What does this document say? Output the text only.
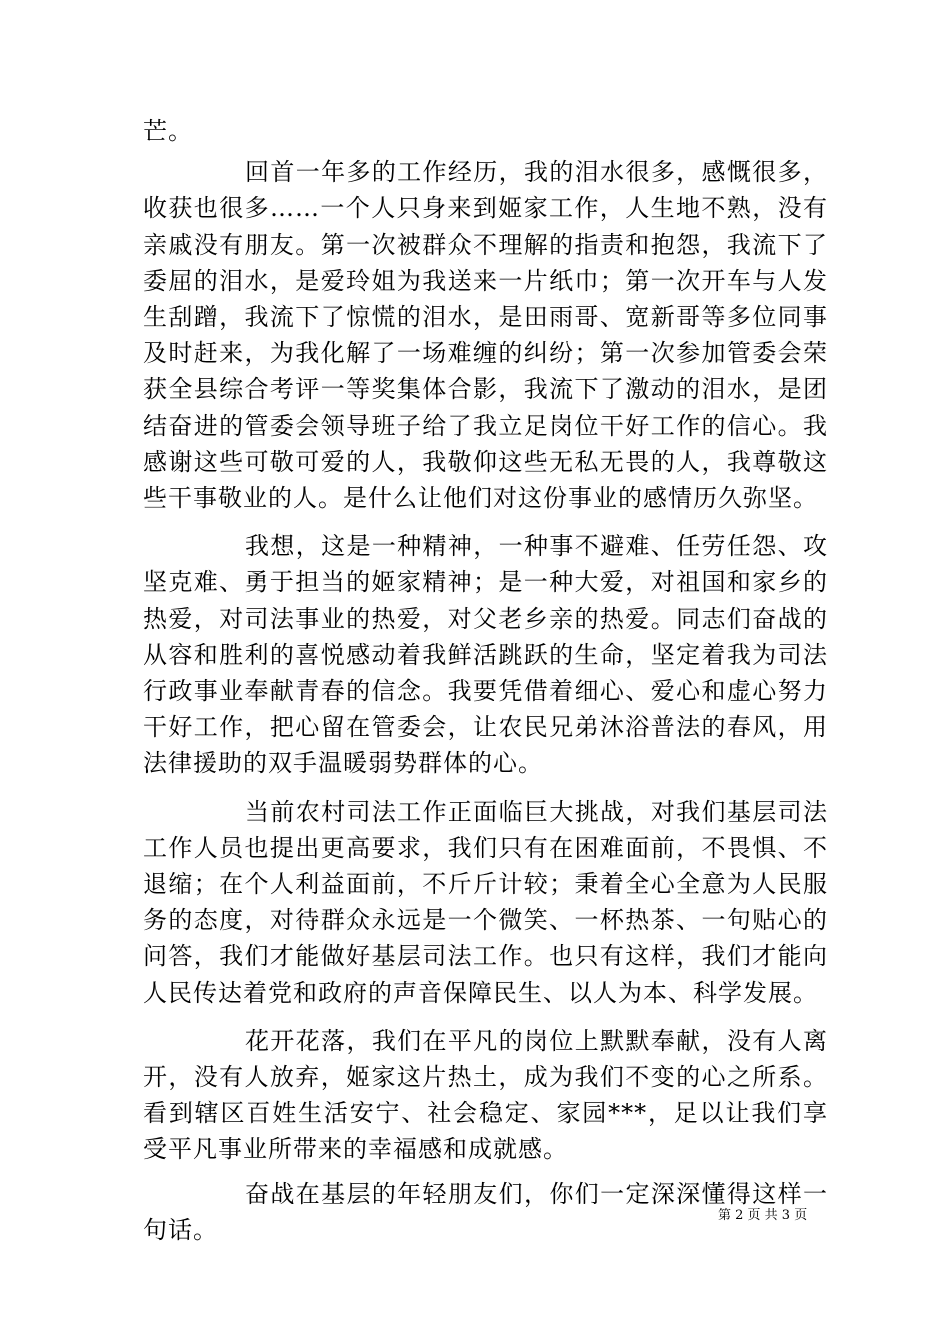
芒。

回首一年多的工作经历，我的泪水很多，感慨很多，收获也很多……一个人只身来到姬家工作，人生地不熟，没有亲戚没有朋友。第一次被群众不理解的指责和抱怨，我流下了委屈的泪水，是爱玲姐为我送来一片纸巾；第一次开车与人发生刮蹭，我流下了惊慌的泪水，是田雨哥、宽新哥等多位同事及时赶来，为我化解了一场难缠的纠纷；第一次参加管委会荣获全县综合考评一等奖集体合影，我流下了激动的泪水，是团结奋进的管委会领导班子给了我立足岗位干好工作的信心。我感谢这些可敬可爱的人，我敬仰这些无私无畏的人，我尊敬这些干事敬业的人。是什么让他们对这份事业的感情历久弥坚。

我想，这是一种精神，一种事不避难、任劳任怨、攻坚克难、勇于担当的姬家精神；是一种大爱，对祖国和家乡的热爱，对司法事业的热爱，对父老乡亲的热爱。同志们奋战的从容和胜利的喜悦感动着我鲜活跳跃的生命，坚定着我为司法行政事业奉献青春的信念。我要凭借着细心、爱心和虚心努力干好工作，把心留在管委会，让农民兄弟沐浴普法的春风，用法律援助的双手温暖弱势群体的心。

当前农村司法工作正面临巨大挑战，对我们基层司法工作人员也提出更高要求，我们只有在困难面前，不畏惧、不退缩；在个人利益面前，不斤斤计较；秉着全心全意为人民服务的态度，对待群众永远是一个微笑、一杯热茶、一句贴心的问答，我们才能做好基层司法工作。也只有这样，我们才能向人民传达着党和政府的声音保障民生、以人为本、科学发展。

花开花落，我们在平凡的岗位上默默奉献，没有人离开，没有人放弃，姬家这片热土，成为我们不变的心之所系。看到辖区百姓生活安宁、社会稳定、家园***，足以让我们享受平凡事业所带来的幸福感和成就感。

奋战在基层的年轻朋友们，你们一定深深懂得这样一句话。

第 2 页 共 3 页
